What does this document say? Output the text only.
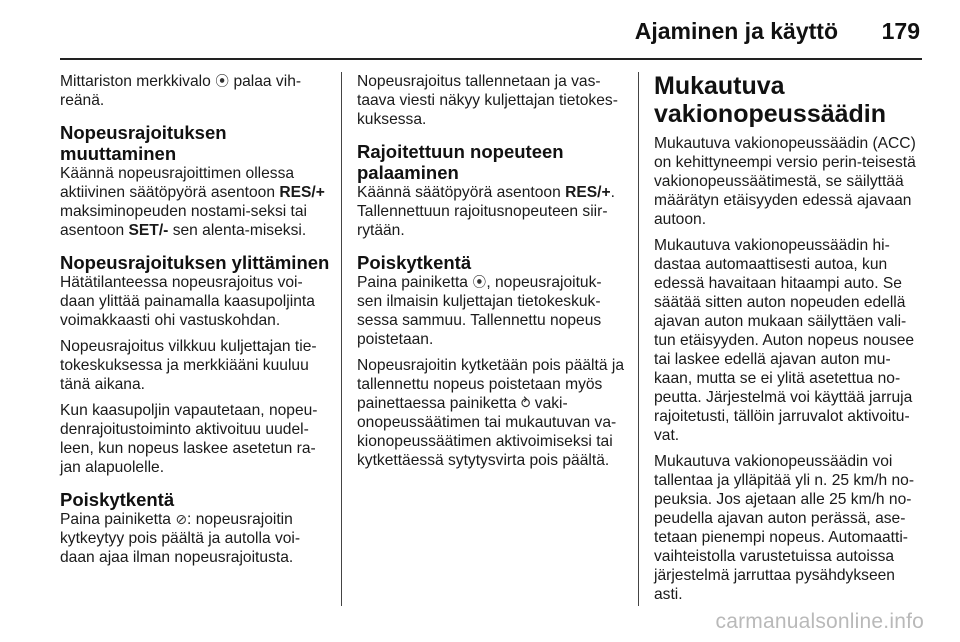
Ajaminen ja käyttö 179

Mittariston merkkivalo ⦿ palaa vih-reänä.

Nopeusrajoituksen muuttaminen

Käännä nopeusrajoittimen ollessa aktiivinen säätöpyörä asentoon RES/+ maksiminopeuden nostami-seksi tai asentoon SET/- sen alenta-miseksi.

Nopeusrajoituksen ylittäminen

Hätätilanteessa nopeusrajoitus voi-daan ylittää painamalla kaasupoljinta voimakkaasti ohi vastuskohdan.

Nopeusrajoitus vilkkuu kuljettajan tie-tokeskuksessa ja merkkiääni kuuluu tänä aikana.

Kun kaasupoljin vapautetaan, nopeu-denrajoitustoiminto aktivoituu uudel-leen, kun nopeus laskee asetetun ra-jan alapuolelle.

Poiskytkentä

Paina painiketta ⊘: nopeusrajoitin kytkeytyy pois päältä ja autolla voi-daan ajaa ilman nopeusrajoitusta.

Nopeusrajoitus tallennetaan ja vas-taava viesti näkyy kuljettajan tietokes-kuksessa.

Rajoitettuun nopeuteen palaaminen

Käännä säätöpyörä asentoon RES/+. Tallennettuun rajoitusnopeuteen siir-rytään.

Poiskytkentä

Paina painiketta ⦿, nopeusrajoituk-sen ilmaisin kuljettajan tietokeskuk-sessa sammuu. Tallennettu nopeus poistetaan.

Nopeusrajoitin kytketään pois päältä ja tallennettu nopeus poistetaan myös painettaessa painiketta ⥁ vaki-onopeussäätimen tai mukautuvan va-kionopeussäätimen aktivoimiseksi tai kytkettäessä sytytysvirta pois päältä.

Mukautuva vakionopeussäädin

Mukautuva vakionopeussäädin (ACC) on kehittyneempi versio perin-teisestä vakionopeussäätimestä, se säilyttää määrätyn etäisyyden edessä ajavaan autoon.

Mukautuva vakionopeussäädin hi-dastaa automaattisesti autoa, kun edessä havaitaan hitaampi auto. Se säätää sitten auton nopeuden edellä ajavan auton mukaan säilyttäen vali-tun etäisyyden. Auton nopeus nousee tai laskee edellä ajavan auton mu-kaan, mutta se ei ylitä asetettua no-peutta. Järjestelmä voi käyttää jarruja rajoitetusti, tällöin jarruvalot aktivoitu-vat.

Mukautuva vakionopeussäädin voi tallentaa ja ylläpitää yli n. 25 km/h no-peuksia. Jos ajetaan alle 25 km/h no-peudella ajavan auton perässä, ase-tetaan pienempi nopeus. Automaatti-vaihteistolla varustetuissa autoissa järjestelmä jarruttaa pysähdykseen asti.

carmanualsonline.info
